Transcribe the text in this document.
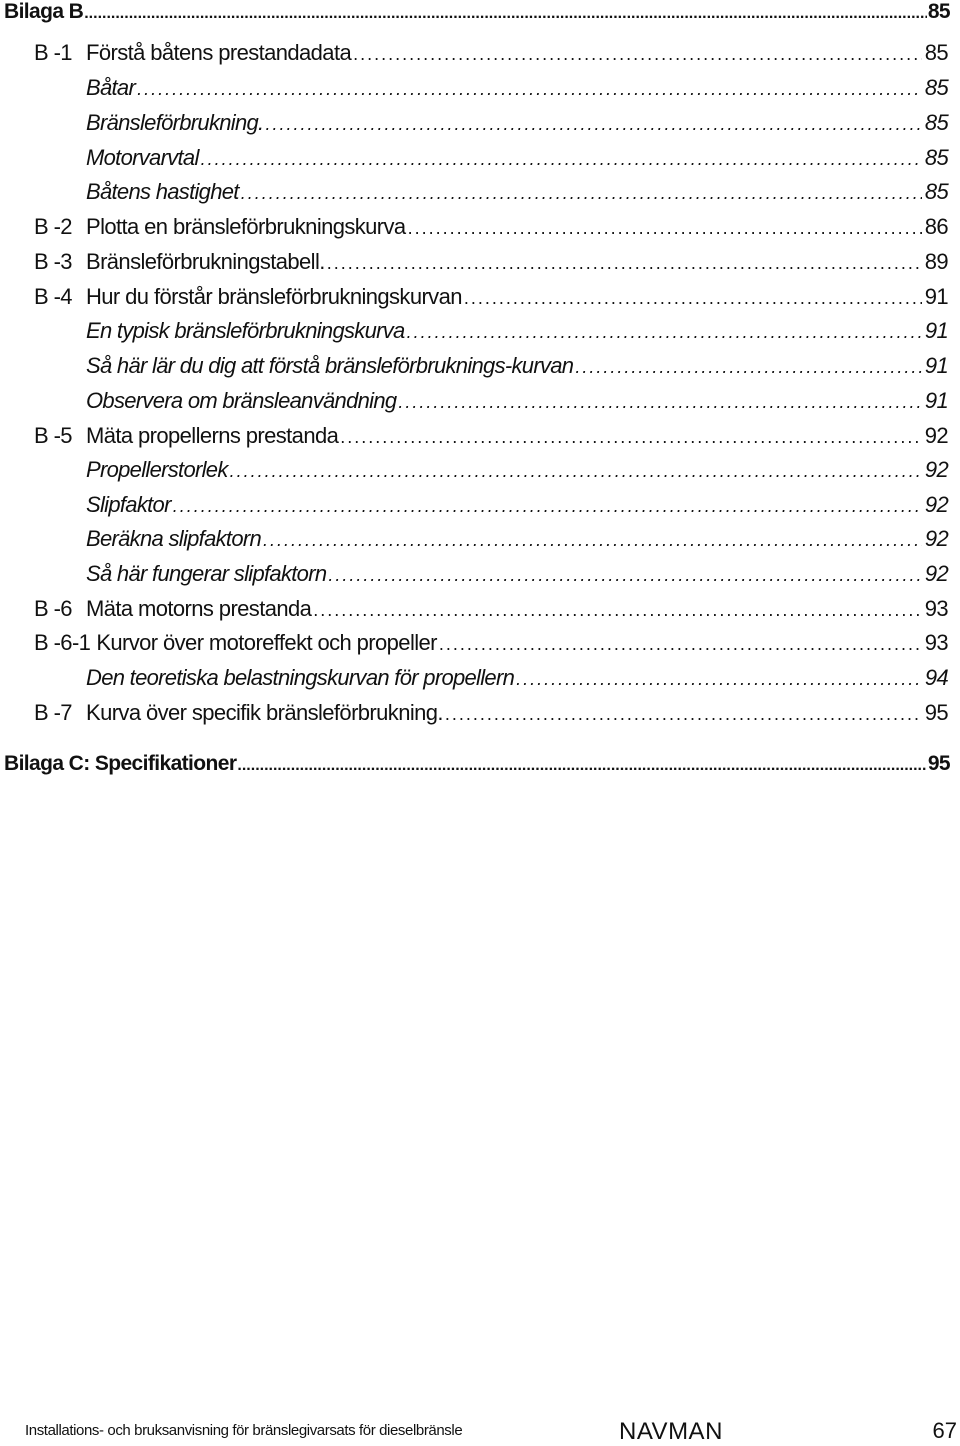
Bilaga B .....	85
B -1 Förstå båtens prestandadata .....	85
Båtar .....	85
Bränsleförbrukning. .....	85
Motorvarvtal .....	85
Båtens hastighet .....	85
B -2 Plotta en bränsleförbrukningskurva .....	86
B -3 Bränsleförbrukningstabell. .....	89
B -4 Hur du förstår bränsleförbrukningskurvan .....	91
En typisk bränsleförbrukningskurva .....	91
Så här lär du dig att förstå bränsleförbruknings-kurvan .....	91
Observera om bränsleanvändning .....	91
B -5 Mäta propellerns prestanda .....	92
Propellerstorlek .....	92
Slipfaktor .....	92
Beräkna slipfaktorn .....	92
Så här fungerar slipfaktorn .....	92
B -6 Mäta motorns prestanda .....	93
B -6-1 Kurvor över motoreffekt och propeller .....	93
Den teoretiska belastningskurvan för propellern .....	94
B -7 Kurva över specifik bränsleförbrukning. .....	95
Bilaga C: Specifikationer .....	95
Installations- och bruksanvisning för bränslegivarsats för dieselbränsle	NAVMAN	67
